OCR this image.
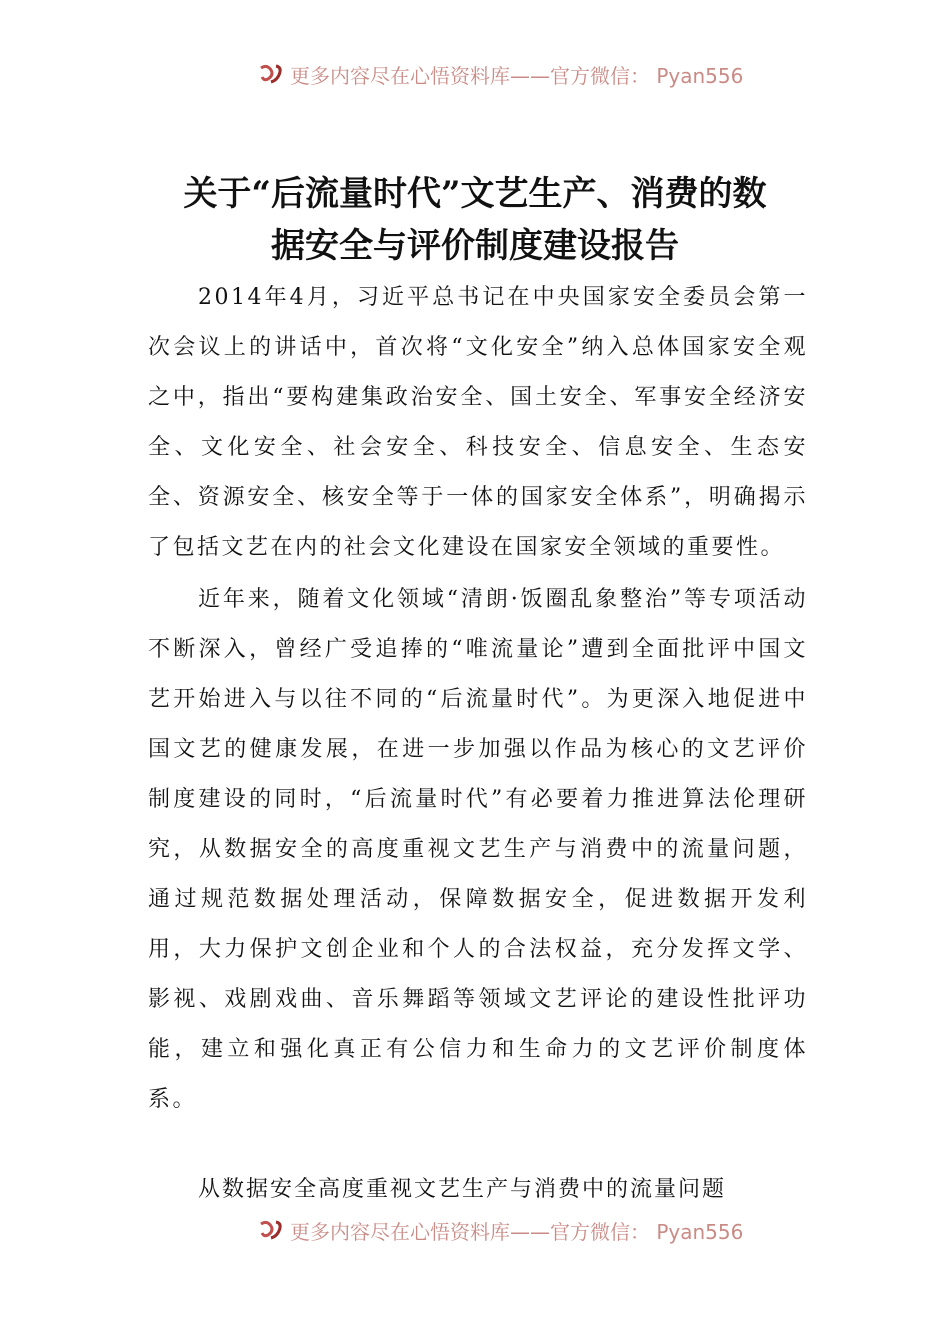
更多内容尽在心悟资料库——官方微信： Pyan556
关于“后流量时代”文艺生产、消费的数
据安全与评价制度建设报告

2014年4月，习近平总书记在中央国家安全委员会第一次会议上的讲话中，首次将“文化安全”纳入总体国家安全观之中，指出“要构建集政治安全、国土安全、军事安全经济安全、文化安全、社会安全、科技安全、信息安全、生态安全、资源安全、核安全等于一体的国家安全体系”，明确揭示了包括文艺在内的社会文化建设在国家安全领域的重要性。

近年来，随着文化领域“清朗·饭圈乱象整治”等专项活动不断深入，曾经广受追捧的“唯流量论”遭到全面批评中国文艺开始进入与以往不同的“后流量时代”。为更深入地促进中国文艺的健康发展，在进一步加强以作品为核心的文艺评价制度建设的同时，“后流量时代”有必要着力推进算法伦理研究，从数据安全的高度重视文艺生产与消费中的流量问题，通过规范数据处理活动，保障数据安全，促进数据开发利用，大力保护文创企业和个人的合法权益，充分发挥文学、影视、戏剧戏曲、音乐舞蹈等领域文艺评论的建设性批评功能，建立和强化真正有公信力和生命力的文艺评价制度体系。

从数据安全高度重视文艺生产与消费中的流量问题

更多内容尽在心悟资料库——官方微信： Pyan556
